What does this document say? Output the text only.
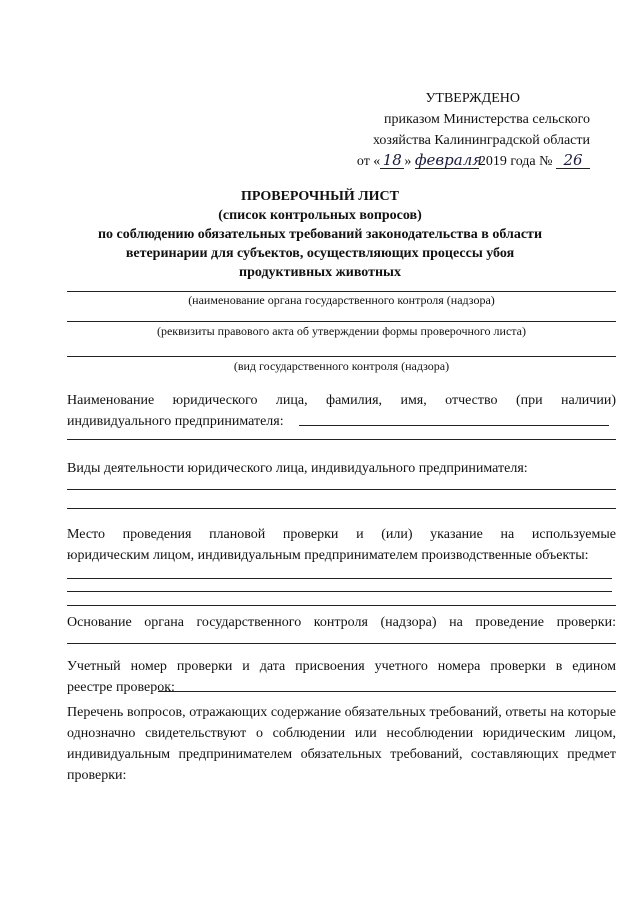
УТВЕРЖДЕНО
приказом Министерства сельского
хозяйства Калининградской области
от « 18 » февраля2019 года № 26
ПРОВЕРОЧНЫЙ ЛИСТ
(список контрольных вопросов)
по соблюдению обязательных требований законодательства в области
ветеринарии для субъектов, осуществляющих процессы убоя
продуктивных животных
(наименование органа государственного контроля (надзора)
(реквизиты правового акта об утверждении формы проверочного листа)
(вид государственного контроля (надзора)
Наименование юридического лица, фамилия, имя, отчество (при наличии)
индивидуального предпринимателя:
Виды деятельности юридического лица, индивидуального предпринимателя:
Место проведения плановой проверки и (или) указание на используемые
юридическим лицом, индивидуальным предпринимателем производственные объекты:
Основание органа государственного контроля (надзора) на проведение проверки:
Учетный номер проверки и дата присвоения учетного номера проверки в едином
реестре проверок:
Перечень вопросов, отражающих содержание обязательных требований, ответы на которые однозначно свидетельствуют о соблюдении или несоблюдении юридическим лицом, индивидуальным предпринимателем обязательных требований, составляющих предмет проверки:
